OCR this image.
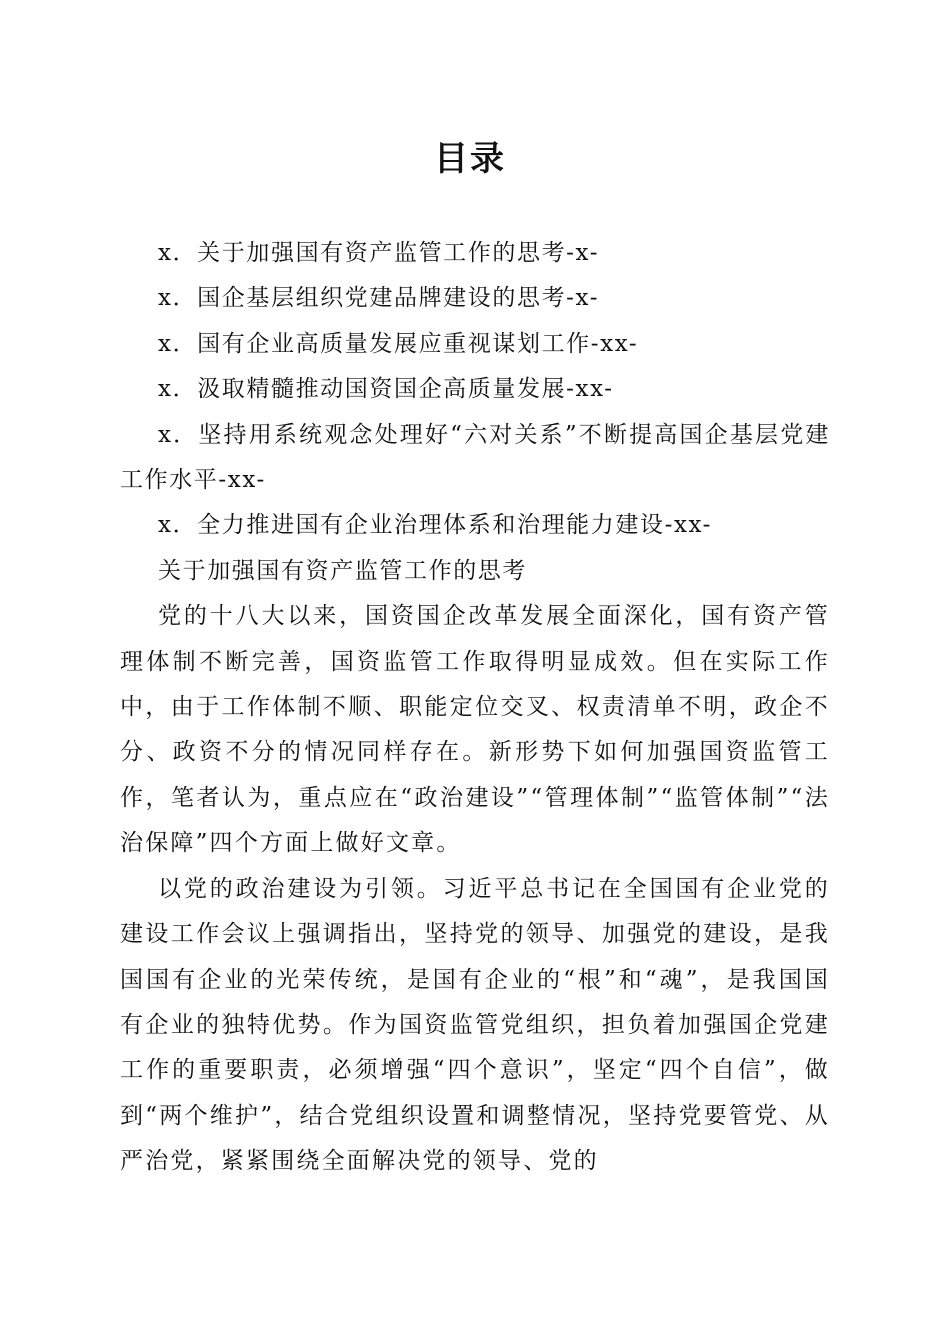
目录

x．关于加强国有资产监管工作的思考-x-

x．国企基层组织党建品牌建设的思考-x-

x．国有企业高质量发展应重视谋划工作-xx-

x．汲取精髓推动国资国企高质量发展-xx-

x．坚持用系统观念处理好“六对关系”不断提高国企基层党建工作水平-xx-

x．全力推进国有企业治理体系和治理能力建设-xx-

关于加强国有资产监管工作的思考

党的十八大以来，国资国企改革发展全面深化，国有资产管理体制不断完善，国资监管工作取得明显成效。但在实际工作中，由于工作体制不顺、职能定位交叉、权责清单不明，政企不分、政资不分的情况同样存在。新形势下如何加强国资监管工作，笔者认为，重点应在“政治建设”“管理体制”“监管体制”“法治保障”四个方面上做好文章。

以党的政治建设为引领。习近平总书记在全国国有企业党的建设工作会议上强调指出，坚持党的领导、加强党的建设，是我国国有企业的光荣传统，是国有企业的“根”和“魂”，是我国国有企业的独特优势。作为国资监管党组织，担负着加强国企党建工作的重要职责，必须增强“四个意识”，坚定“四个自信”，做到“两个维护”，结合党组织设置和调整情况，坚持党要管党、从严治党，紧紧围绕全面解决党的领导、党的
